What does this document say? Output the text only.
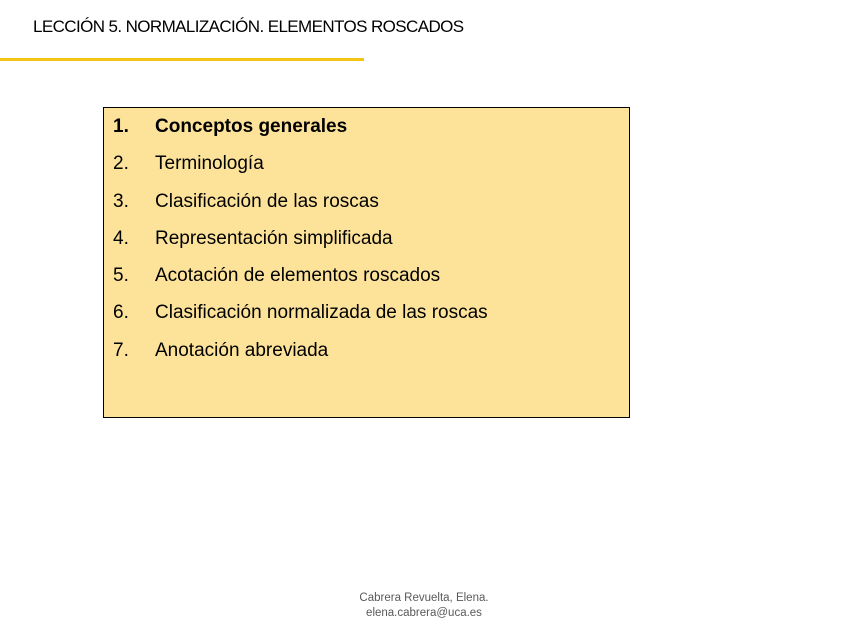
LECCIÓN 5. NORMALIZACIÓN. ELEMENTOS ROSCADOS
1.	Conceptos generales
2.	Terminología
3.	Clasificación de las roscas
4.	Representación simplificada
5.	Acotación de elementos roscados
6.	Clasificación normalizada de las roscas
7.	Anotación abreviada
Cabrera Revuelta, Elena.
elena.cabrera@uca.es
